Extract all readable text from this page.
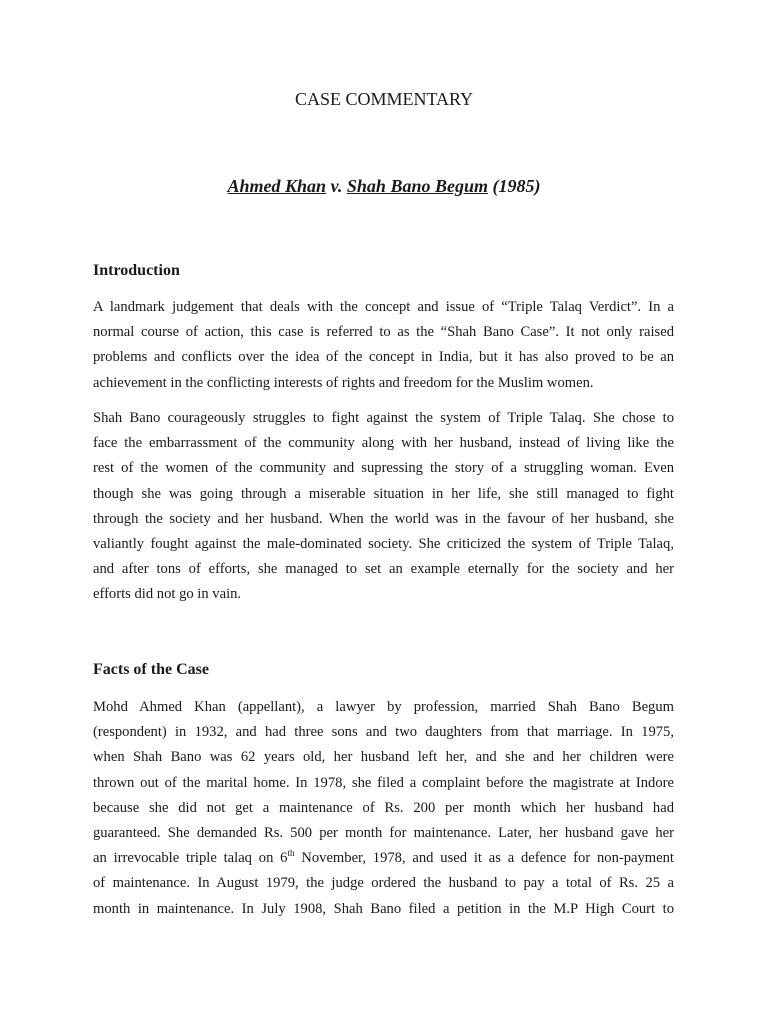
CASE COMMENTARY
Ahmed Khan v. Shah Bano Begum (1985)
Introduction

A landmark judgement that deals with the concept and issue of “Triple Talaq Verdict”. In a
normal course of action, this case is referred to as the “Shah Bano Case”. It not only raised
problems and conflicts over the idea of the concept in India, but it has also proved to be an
achievement in the conflicting interests of rights and freedom for the Muslim women.

Shah Bano courageously struggles to fight against the system of Triple Talaq. She chose to
face the embarrassment of the community along with her husband, instead of living like the
rest of the women of the community and supressing the story of a struggling woman. Even
though she was going through a miserable situation in her life, she still managed to fight
through the society and her husband. When the world was in the favour of her husband, she
valiantly fought against the male-dominated society. She criticized the system of Triple Talaq,
and after tons of efforts, she managed to set an example eternally for the society and her
efforts did not go in vain.

Facts of the Case

Mohd Ahmed Khan (appellant), a lawyer by profession, married Shah Bano Begum
(respondent) in 1932, and had three sons and two daughters from that marriage. In 1975,
when Shah Bano was 62 years old, her husband left her, and she and her children were
thrown out of the marital home. In 1978, she filed a complaint before the magistrate at Indore
because she did not get a maintenance of Rs. 200 per month which her husband had
guaranteed. She demanded Rs. 500 per month for maintenance. Later, her husband gave her
an irrevocable triple talaq on 6th November, 1978, and used it as a defence for non-payment
of maintenance. In August 1979, the judge ordered the husband to pay a total of Rs. 25 a
month in maintenance. In July 1908, Shah Bano filed a petition in the M.P High Court to
